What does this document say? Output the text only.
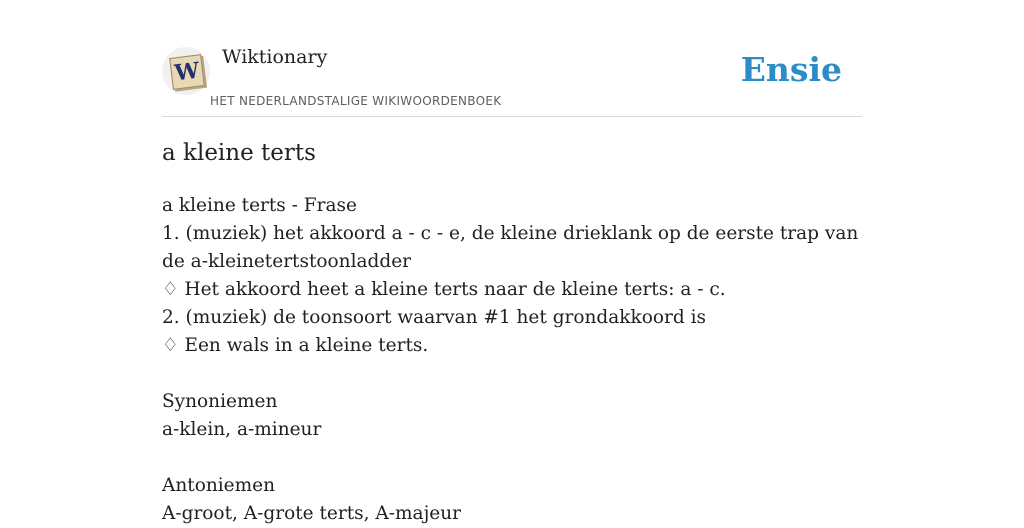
W
Wiktionary
HET NEDERLANDSTALIGE WIKIWOORDENBOEK
Ensie
a kleine terts
a kleine terts - Frase
1. (muziek) het akkoord a - c - e, de kleine drieklank op de eerste trap van de a-kleinetertstoonladder
♢ Het akkoord heet a kleine terts naar de kleine terts: a - c.
2. (muziek) de toonsoort waarvan #1 het grondakkoord is
♢ Een wals in a kleine terts.
Synoniemen
a-klein, a-mineur
Antoniemen
A-groot, A-grote terts, A-majeur
